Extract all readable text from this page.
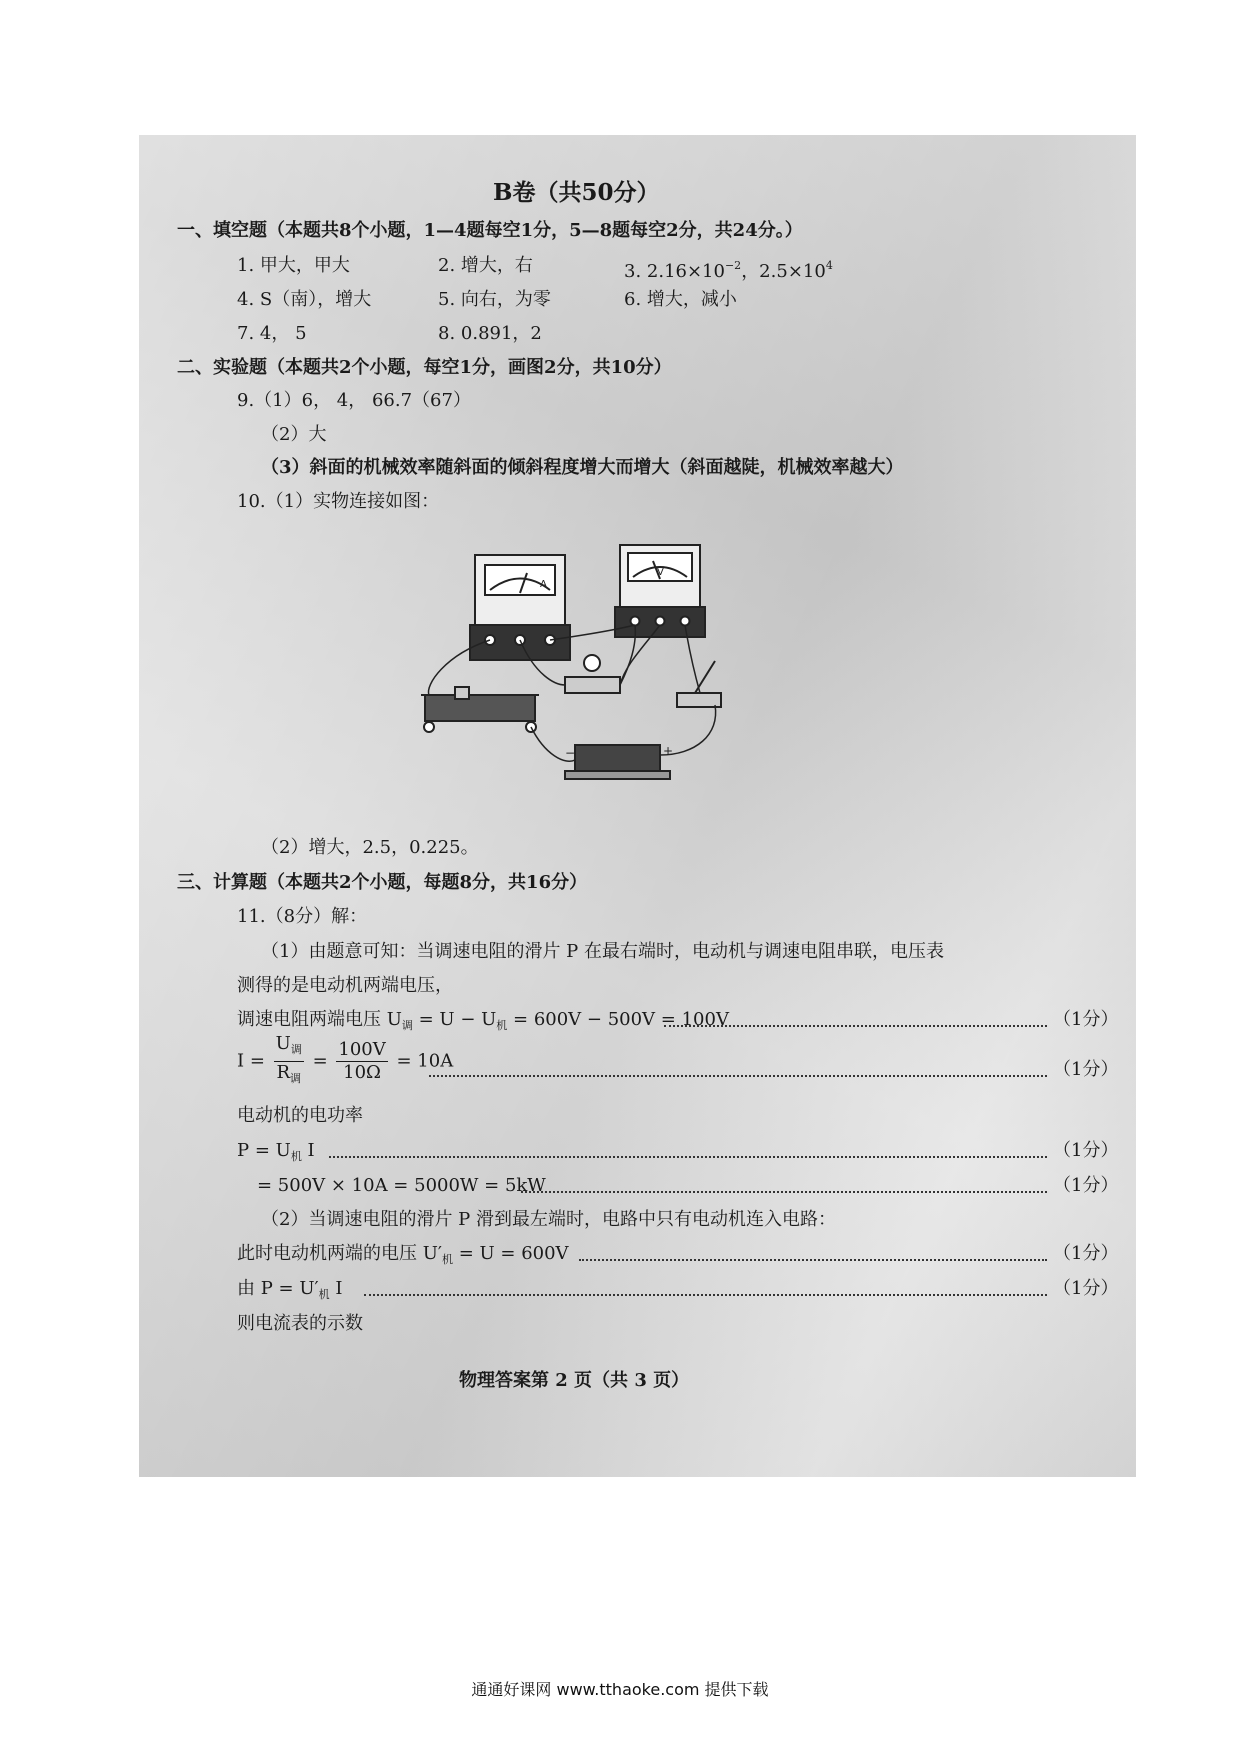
B卷（共50分）
一、填空题（本题共8个小题，1—4题每空1分，5—8题每空2分，共24分。）
1. 甲大，甲大	2. 增大，右	3. $2.16\times 10^{-2}$，$2.5\times 10^4$
4. S（南），增大	5. 向右，为零	6. 增大，减小
7. 4， 5	8. 0.891，2
二、实验题（本题共2个小题，每空1分，画图2分，共10分）
9.（1）6， 4， 66.7（67）
（2）大
（3）斜面的机械效率随斜面的倾斜程度增大而增大（斜面越陡，机械效率越大）
10.（1）实物连接如图：
（2）增大，2.5，0.225。
三、计算题（本题共2个小题，每题8分，共16分）
11.（8分）解：
（1）由题意可知：当调速电阻的滑片 P 在最右端时，电动机与调速电阻串联，电压表
测得的是电动机两端电压，
调速电阻两端电压 $U_调 = U - U_机 = 600V - 500V = 100V$	（1分）
$I = \frac{U_调}{R_调} = \frac{100V}{10\Omega} = 10A$	（1分）
电动机的电功率
$P = U_机$ I	（1分）
= 500V × 10A = 5000W = 5kW	（1分）
（2）当调速电阻的滑片 P 滑到最左端时，电路中只有电动机连入电路：
此时电动机两端的电压 $U'_机 = U = 600V$	（1分）
由 $P = U'_机$ I	（1分）
则电流表的示数
物理答案第 2 页（共 3 页）
A
V
+
−
通通好课网 www.tthaoke.com 提供下载
